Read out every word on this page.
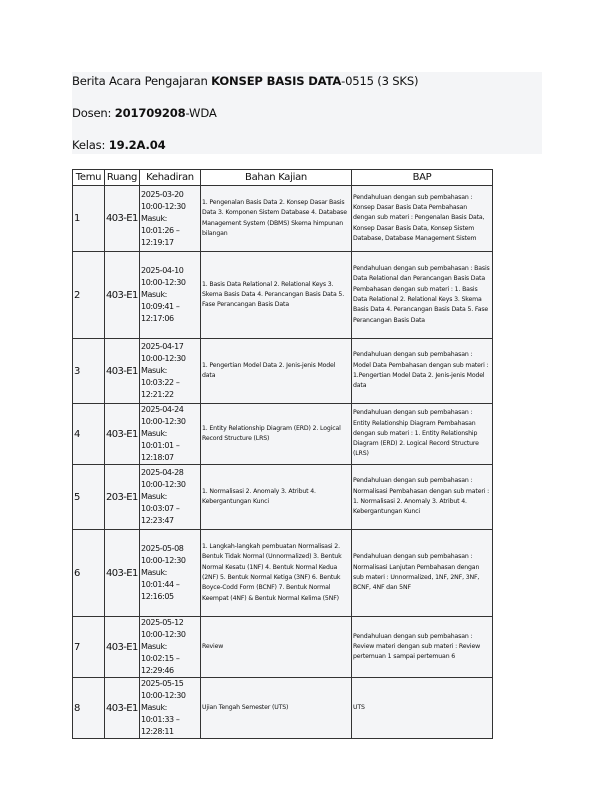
Berita Acara Pengajaran KONSEP BASIS DATA-0515 (3 SKS)
Dosen: 201709208-WDA
Kelas: 19.2A.04
Temu	Ruang	Kehadiran	Bahan Kajian	BAP
1	403-E1	2025-03-20 10:00-12:30 Masuk: 10:01:26 –12:19:17	1. Pengenalan Basis Data 2. Konsep Dasar Basis Data 3. Komponen Sistem Database 4. Database Management System (DBMS) Skema himpunan bilangan	Pendahuluan dengan sub pembahasan : Konsep Dasar Basis Data Pembahasan dengan sub materi : Pengenalan Basis Data, Konsep Dasar Basis Data, Konsep Sistem Database, Database Management Sistem
2	403-E1	2025-04-10 10:00-12:30 Masuk: 10:09:41 –12:17:06	1. Basis Data Relational 2. Relational Keys 3. Skema Basis Data 4. Perancangan Basis Data 5. Fase Perancangan Basis Data	Pendahuluan dengan sub pembahasan : Basis Data Relational dan Perancangan Basis Data Pembahasan dengan sub materi : 1. Basis Data Relational 2. Relational Keys 3. Skema Basis Data 4. Perancangan Basis Data 5. Fase Perancangan Basis Data
3	403-E1	2025-04-17 10:00-12:30 Masuk: 10:03:22 – 12:21:22	1. Pengertian Model Data 2. Jenis-jenis Model data	Pendahuluan dengan sub pembahasan : Model Data Pembahasan dengan sub materi : 1.Pengertian Model Data 2. Jenis-jenis Model data
4	403-E1	2025-04-24 10:00-12:30 Masuk: 10:01:01 –12:18:07	1. Entity Relationship Diagram (ERD) 2. Logical Record Structure (LRS)	Pendahuluan dengan sub pembahasan : Entity Relationship Diagram Pembahasan dengan sub materi : 1. Entity Relationship Diagram (ERD) 2. Logical Record Structure (LRS)
5	203-E1	2025-04-28 10:00-12:30 Masuk: 10:03:07 – 12:23:47	1. Normalisasi 2. Anomaly 3. Atribut 4. Kebergantungan Kunci	Pendahuluan dengan sub pembahasan : Normalisasi Pembahasan dengan sub materi : 1. Normalisasi 2. Anomaly 3. Atribut 4. Kebergantungan Kunci
6	403-E1	2025-05-08 10:00-12:30 Masuk: 10:01:44 –12:16:05	1. Langkah-langkah pembuatan Normalisasi 2. Bentuk Tidak Normal (Unnormalized) 3. Bentuk Normal Kesatu (1NF) 4. Bentuk Normal Kedua (2NF) 5. Bentuk Normal Ketiga (3NF) 6. Bentuk Boyce-Codd Form (BCNF) 7. Bentuk Normal Keempat (4NF) & Bentuk Normal Kelima (5NF)	Pendahuluan dengan sub pembahasan : Normalisasi Lanjutan Pembahasan dengan sub materi : Unnormalized, 1NF, 2NF, 3NF, BCNF, 4NF dan 5NF
7	403-E1	2025-05-12 10:00-12:30 Masuk: 10:02:15 –12:29:46	Review	Pendahuluan dengan sub pembahasan : Review materi dengan sub materi : Review pertemuan 1 sampai pertemuan 6
8	403-E1	2025-05-15 10:00-12:30 Masuk: 10:01:33 –12:28:11	Ujian Tengah Semester (UTS)	UTS
